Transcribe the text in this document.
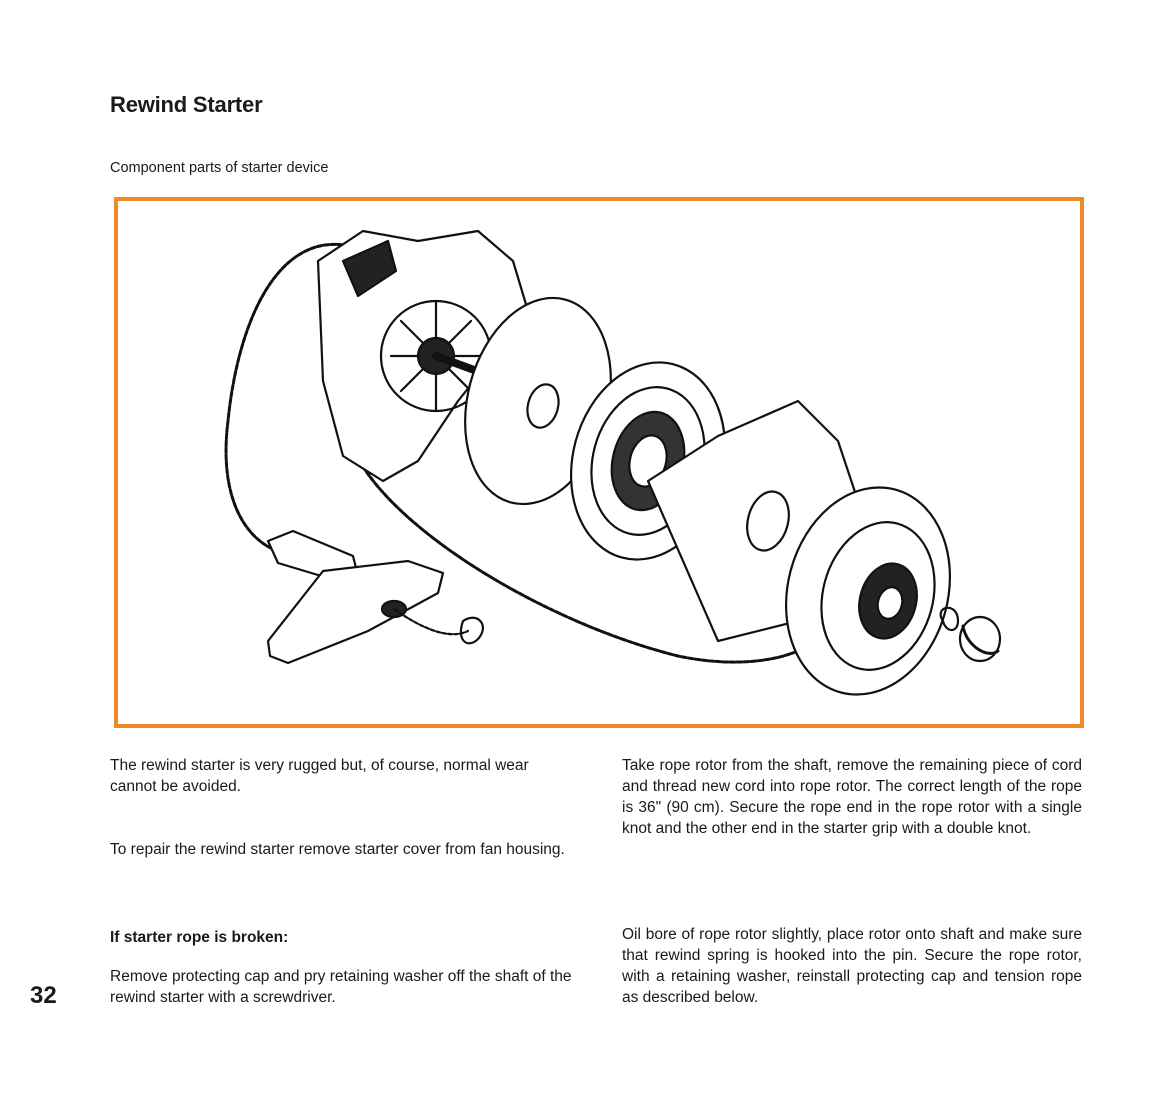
Rewind Starter
Component parts of starter device

The rewind starter is very rugged but, of course, normal wear cannot be avoided.

To repair the rewind starter remove starter cover from fan housing.

If starter rope is broken:

Remove protecting cap and pry retaining washer off the shaft of the rewind starter with a screwdriver.

Take rope rotor from the shaft, remove the remaining piece of cord and thread new cord into rope rotor. The correct length of the rope is 36" (90 cm). Secure the rope end in the rope rotor with a single knot and the other end in the starter grip with a double knot.

Oil bore of rope rotor slightly, place rotor onto shaft and make sure that rewind spring is hooked into the pin. Secure the rope rotor, with a retaining washer, reinstall protecting cap and tension rope as described below.

32
